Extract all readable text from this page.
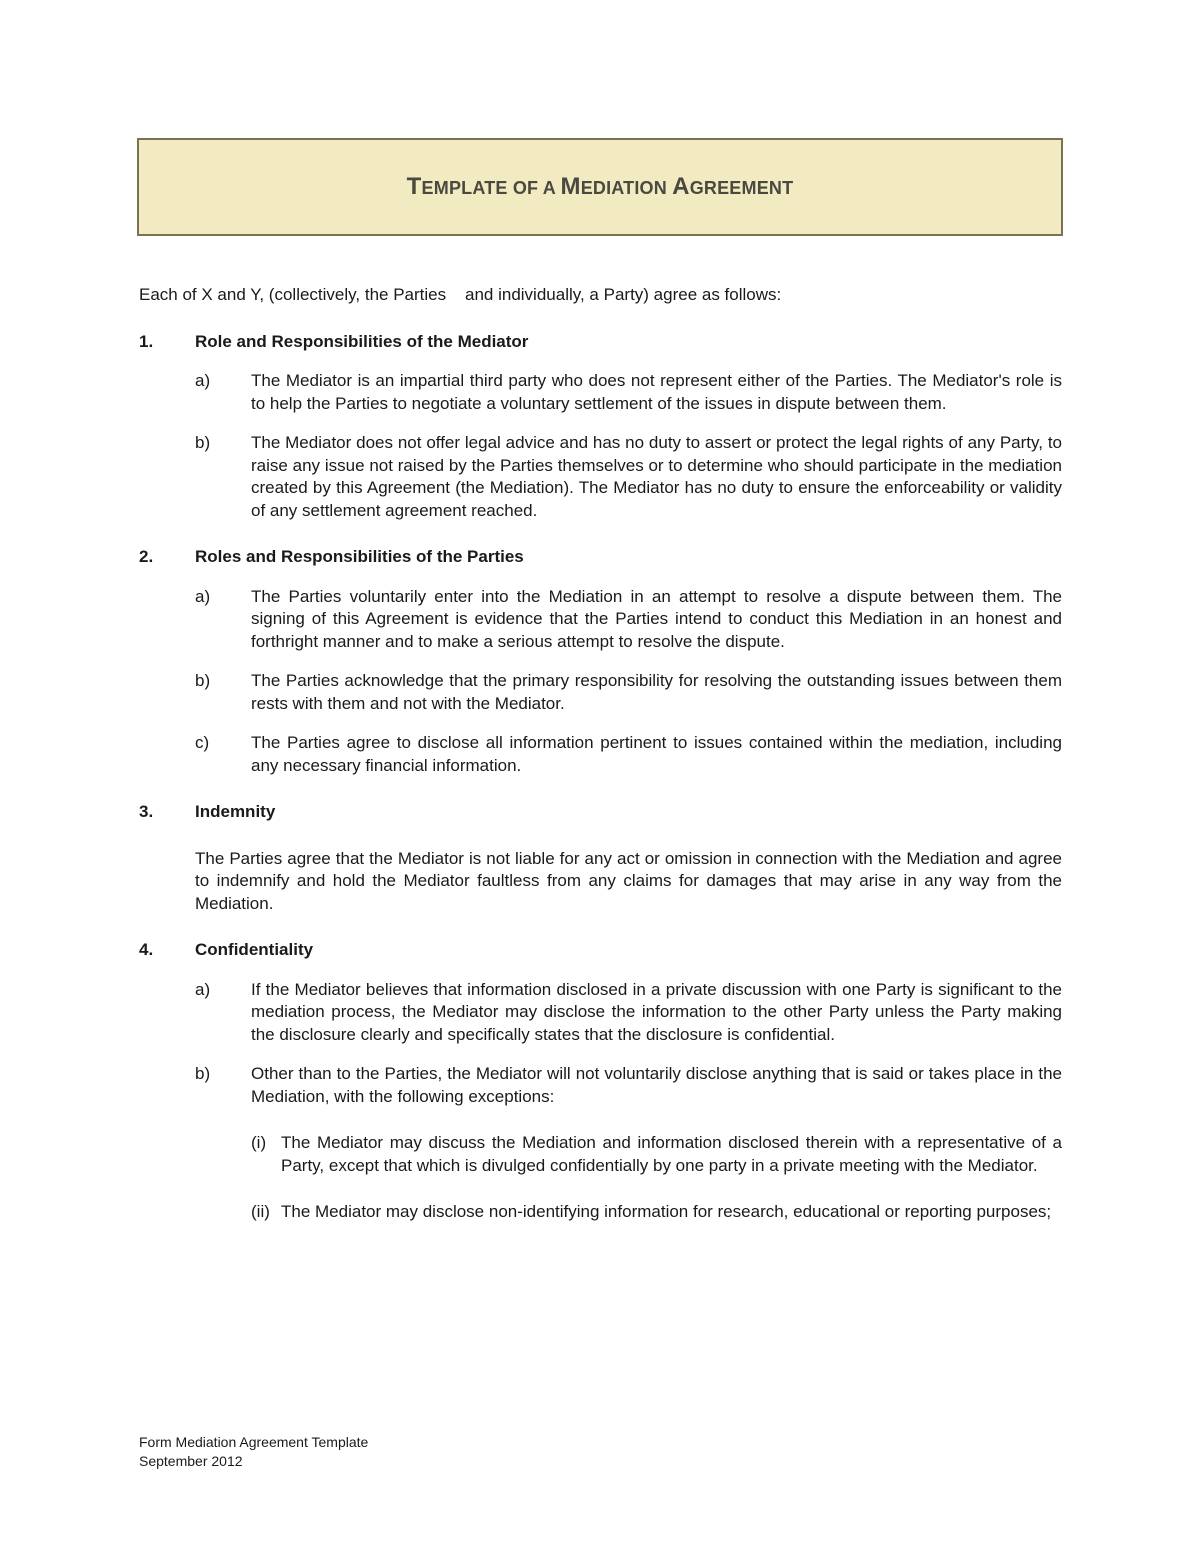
TEMPLATE OF A MEDIATION AGREEMENT

Each of X and Y, (collectively, the Parties    and individually, a Party) agree as follows:

1.	Role and Responsibilities of the Mediator
a)	The Mediator is an impartial third party who does not represent either of the Parties. The Mediator's role is to help the Parties to negotiate a voluntary settlement of the issues in dispute between them.

b)	The Mediator does not offer legal advice and has no duty to assert or protect the legal rights of any Party, to raise any issue not raised by the Parties themselves or to determine who should participate in the mediation created by this Agreement (the Mediation). The Mediator has no duty to ensure the enforceability or validity of any settlement agreement reached.

2.	Roles and Responsibilities of the Parties
a)	The Parties voluntarily enter into the Mediation in an attempt to resolve a dispute between them. The signing of this Agreement is evidence that the Parties intend to conduct this Mediation in an honest and forthright manner and to make a serious attempt to resolve the dispute.

b)	The Parties acknowledge that the primary responsibility for resolving the outstanding issues between them rests with them and not with the Mediator.

c)	The Parties agree to disclose all information pertinent to issues contained within the mediation, including any necessary financial information.

3.	Indemnity

The Parties agree that the Mediator is not liable for any act or omission in connection with the Mediation and agree to indemnify and hold the Mediator faultless from any claims for damages that may arise in any way from the Mediation.

4.	Confidentiality
a)	If the Mediator believes that information disclosed in a private discussion with one Party is significant to the mediation process, the Mediator may disclose the information to the other Party unless the Party making the disclosure clearly and specifically states that the disclosure is confidential.

b)	Other than to the Parties, the Mediator will not voluntarily disclose anything that is said or takes place in the Mediation, with the following exceptions:

(i) The Mediator may discuss the Mediation and information disclosed therein with a representative of a Party, except that which is divulged confidentially by one party in a private meeting with the Mediator.

(ii) The Mediator may disclose non-identifying information for research, educational or reporting purposes;

Form Mediation Agreement Template
September 2012
